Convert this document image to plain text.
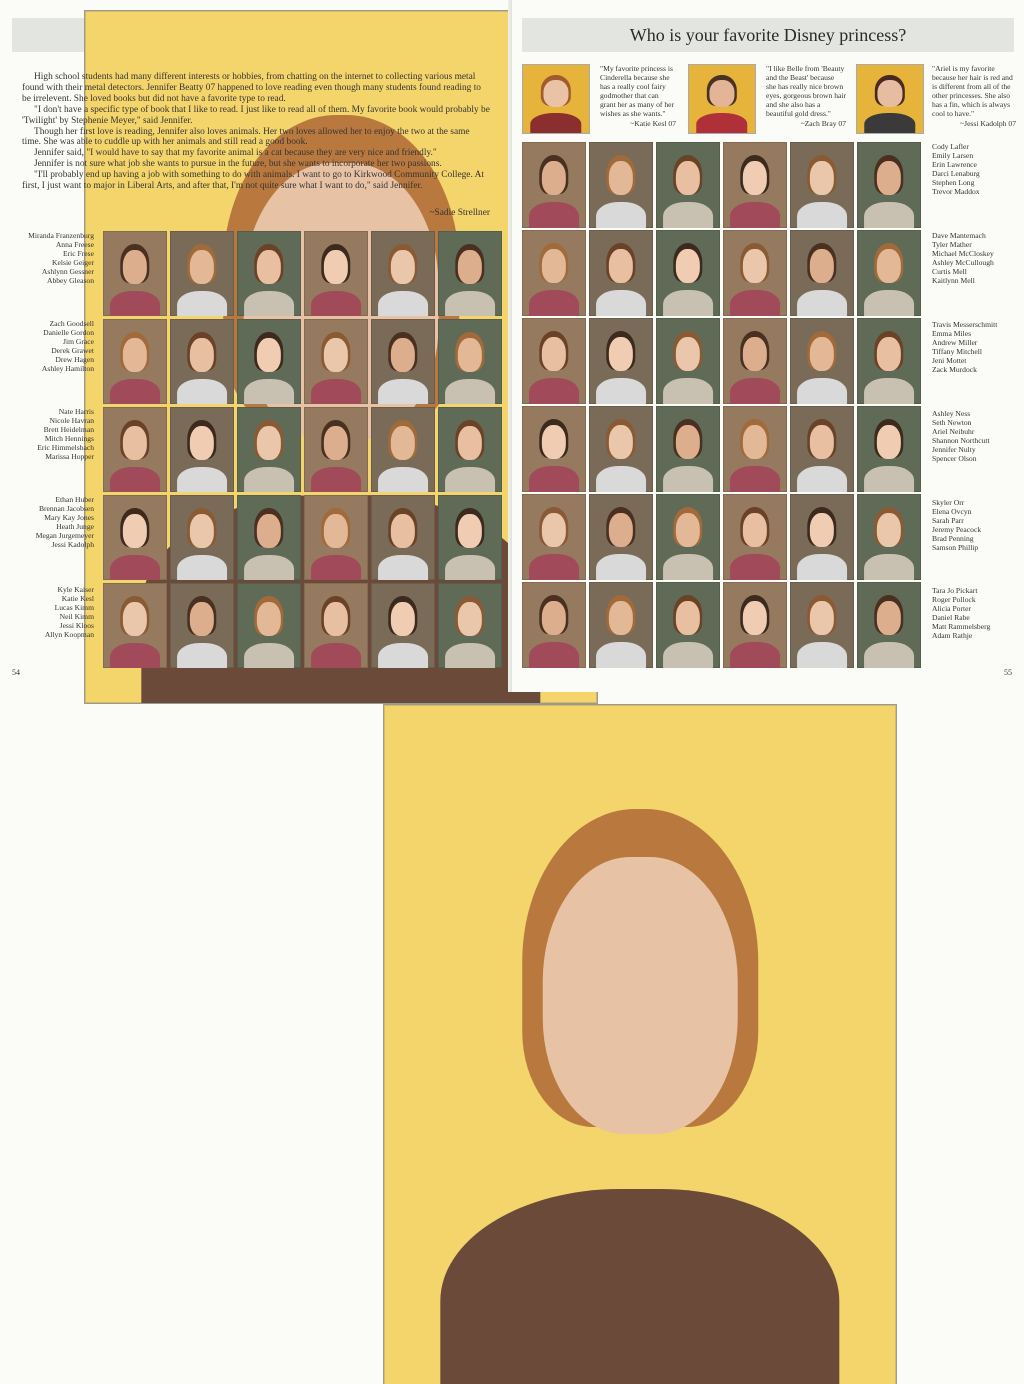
High school students had many different interests or hobbies, from chatting on the internet to collecting various metal found with their metal detectors. Jennifer Beatty 07 happened to love reading even though many students found reading to be irrelevent. She loved books but did not have a favorite type to read.

"I don't have a specific type of book that I like to read. I just like to read all of them. My favorite book would probably be 'Twilight' by Stephenie Meyer," said Jennifer.

Though her first love is reading, Jennifer also loves animals. Her two loves allowed her to enjoy the two at the same time. She was able to cuddle up with her animals and still read a good book.

Jennifer said, "I would have to say that my favorite animal is a cat because they are very nice and friendly."

Jennifer is not sure what job she wants to pursue in the future, but she wants to incorporate her two passions.

"I'll probably end up having a job with something to do with animals. I want to go to Kirkwood Community College. At first, I just want to major in Liberal Arts, and after that, I'm not quite sure what I want to do," said Jennifer.

~Sadie Strellner
Miranda Franzenburg
Anna Freese
Eric Frese
Kelsie Geiger
Ashlynn Gessner
Abbey Gleason
Zach Goodsell
Danielle Gordon
Jim Grace
Derek Grawet
Drew Hagen
Ashley Hamilton
Nate Harris
Nicole Havran
Brett Heidelman
Mitch Hennings
Eric Himmelsbach
Marissa Hopper
Ethan Huber
Brennan Jacobsen
Mary Kay Jones
Heath Junge
Megan Jurgemeyer
Jessi Kadolph
Kyle Kaiser
Katie Kesl
Lucas Kimm
Neil Kimm
Jessi Kloos
Allyn Koopman
54
Who is your favorite Disney princess?
"My favorite princess is Cinderella because she has a really cool fairy godmother that can grant her as many of her wishes as she wants."
~Katie Kesl 07
"I like Belle from 'Beauty and the Beast' because she has really nice brown eyes, gorgeous brown hair and she also has a beautiful gold dress."
~Zach Bray 07
"Ariel is my favorite because her hair is red and is different from all of the other princesses. She also has a fin, which is always cool to have."
~Jessi Kadolph 07
Cody Lafler
Emily Larsen
Erin Lawrence
Darci Lenaburg
Stephen Long
Trevor Maddox
Dave Mantemach
Tyler Mather
Michael McCloskey
Ashley McCullough
Curtis Mell
Kaitlynn Mell
Travis Messerschmitt
Emma Miles
Andrew Miller
Tiffany Mitchell
Jeni Mottet
Zack Murdock
Ashley Ness
Seth Newton
Ariel Neibuhr
Shannon Northcutt
Jennifer Nulty
Spencer Olson
Skyler Orr
Elena Ovcyn
Sarah Parr
Jeremy Peacock
Brad Penning
Samson Phillip
Tara Jo Pickart
Roger Pollock
Alicia Porter
Daniel Rabe
Matt Rammelsberg
Adam Rathje
55
